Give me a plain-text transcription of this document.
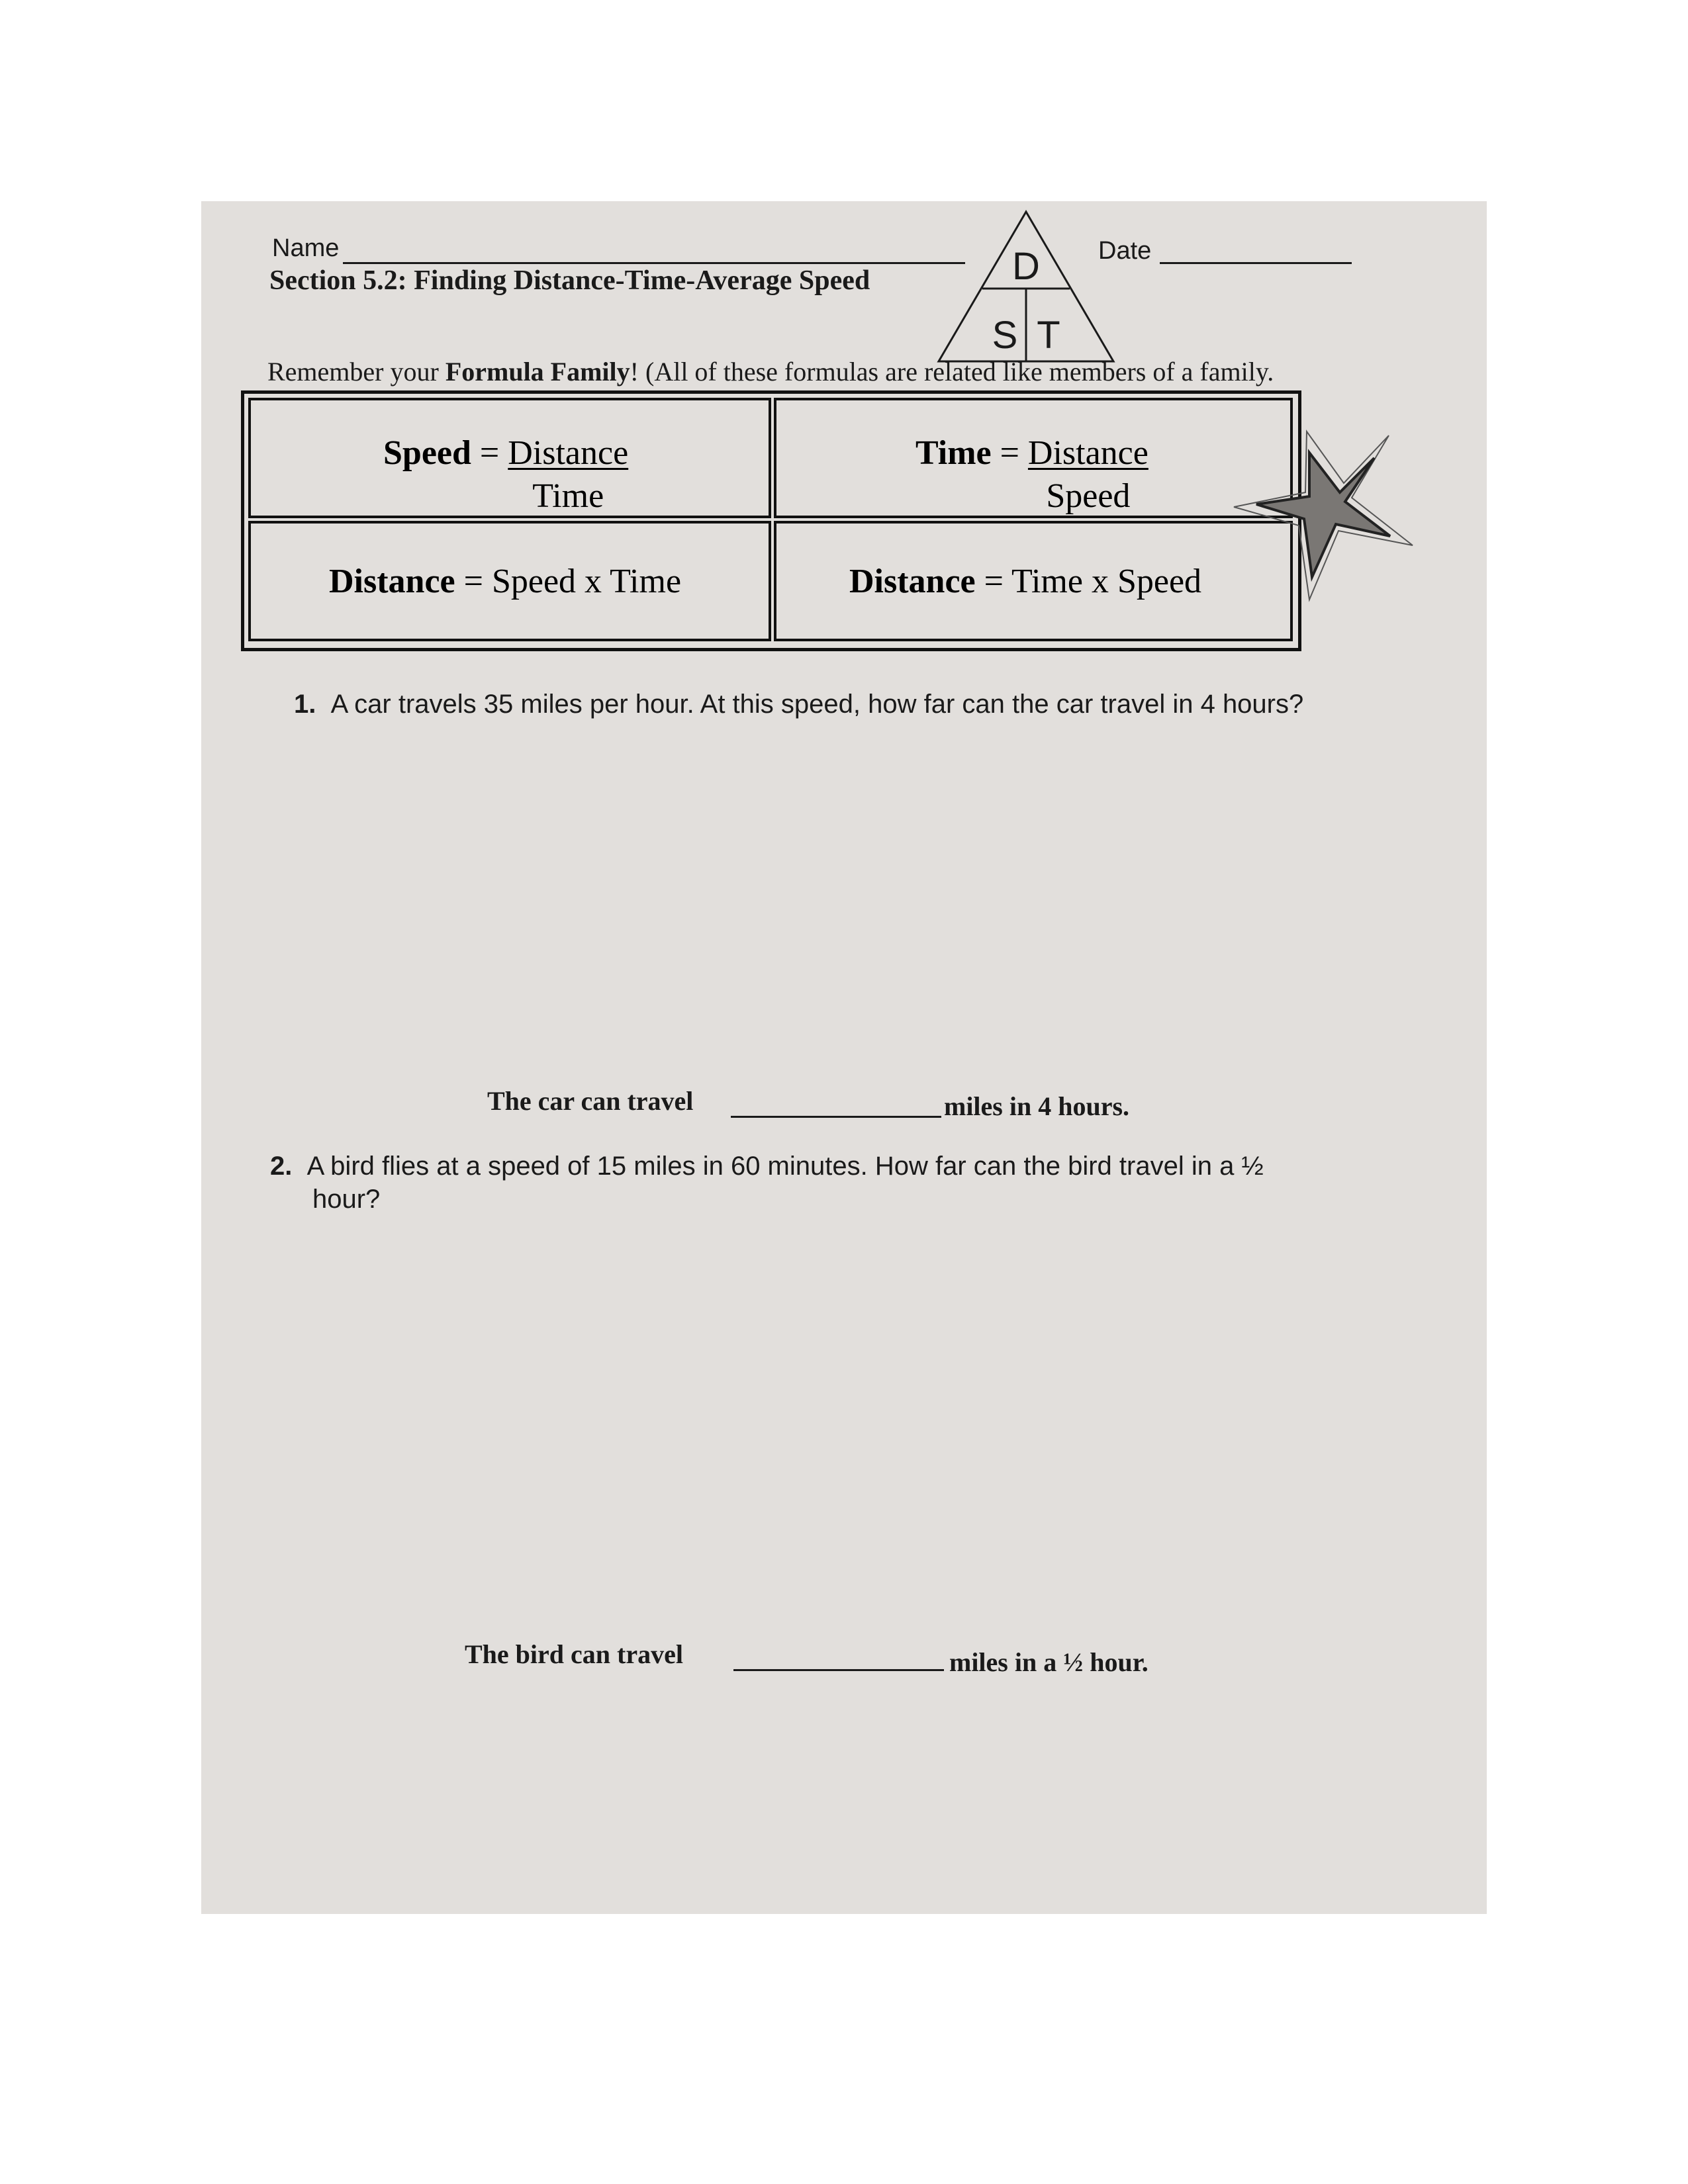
Name	Date
Section 5.2: Finding Distance-Time-Average Speed	D
S T
Remember your Formula Family! (All of these formulas are related like members of a family.
Speed = $\frac{\text{Distance}}{\text{Time}}$	Time = $\frac{\text{Distance}}{\text{Speed}}$
Distance = Speed x Time	Distance = Time x Speed
1. A car travels 35 miles per hour. At this speed, how far can the car travel in 4 hours?
The car can travel	miles in 4 hours.
2. A bird flies at a speed of 15 miles in 60 minutes. How far can the bird travel in a ½
hour?
The bird can travel	miles in a ½ hour.
